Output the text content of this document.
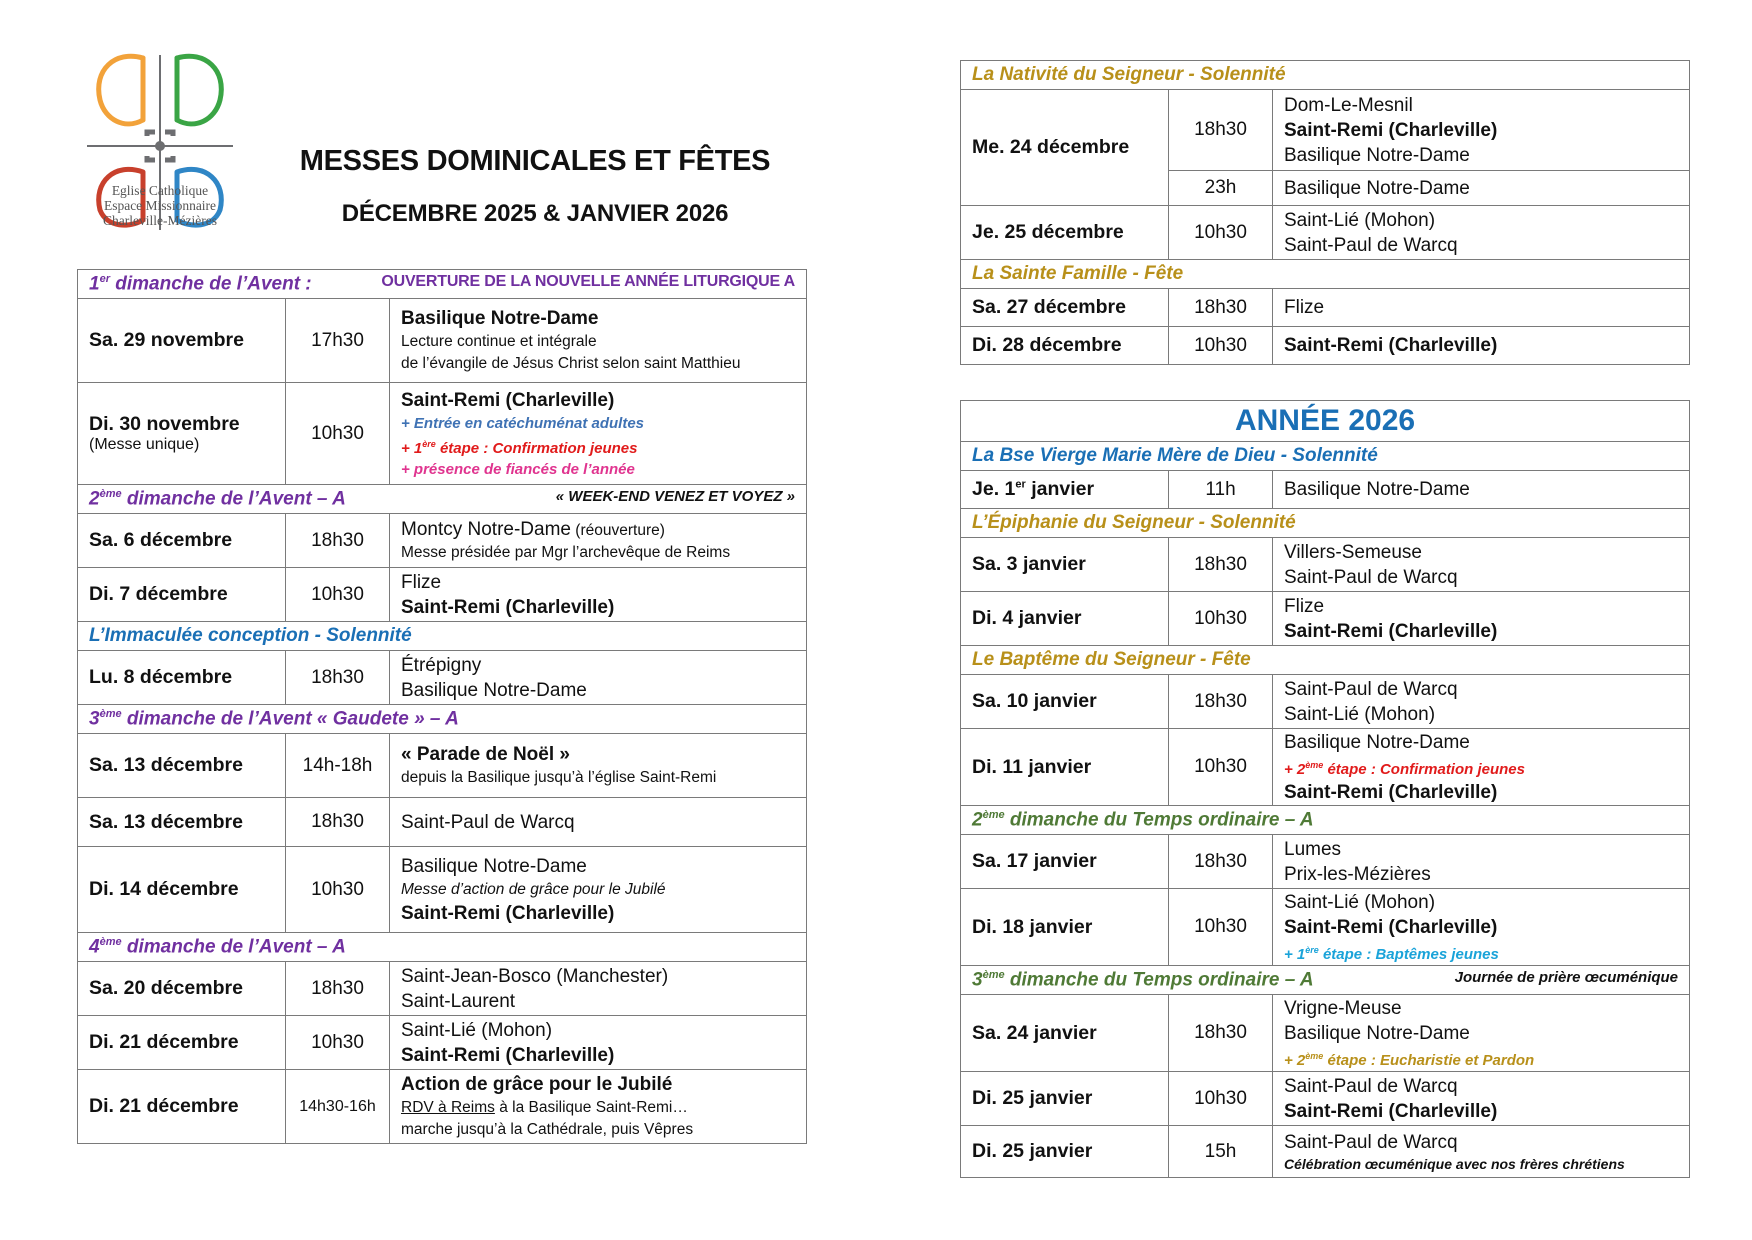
Eglise Catholique
Espace Missionnaire
Charleville-Mézières
MESSES DOMINICALES ET FÊTES
DÉCEMBRE 2025 & JANVIER 2026
1er dimanche de l’Avent : OUVERTURE DE LA NOUVELLE ANNÉE LITURGIQUE A		

Sa. 29 novembre	17h30	Basilique Notre-Dame
Lecture continue et intégrale
de l’évangile de Jésus Christ selon saint Matthieu

Di. 30 novembre
(Messe unique)	10h30	Saint-Remi (Charleville)
+ Entrée en catéchuménat adultes
+ 1ère étape : Confirmation jeunes
+ présence de fiancés de l’année

2ème dimanche de l’Avent – A « WEEK-END VENEZ ET VOYEZ »		

Sa. 6 décembre	18h30	Montcy Notre-Dame (réouverture)
Messe présidée par Mgr l’archevêque de Reims

Di. 7 décembre	10h30	Flize
Saint-Remi (Charleville)

L’Immaculée conception - Solennité		
Lu. 8 décembre	18h30	Étrépigny
Basilique Notre-Dame

3ème dimanche de l’Avent « Gaudete » – A		
Sa. 13 décembre	14h-18h	« Parade de Noël »
depuis la Basilique jusqu’à l’église Saint-Remi

Sa. 13 décembre	18h30	Saint-Paul de Warcq

Di. 14 décembre	10h30	Basilique Notre-Dame
Messe d’action de grâce pour le Jubilé
Saint-Remi (Charleville)

4ème dimanche de l’Avent – A		
Sa. 20 décembre	18h30	Saint-Jean-Bosco (Manchester)
Saint-Laurent

Di. 21 décembre	10h30	Saint-Lié (Mohon)
Saint-Remi (Charleville)

Di. 21 décembre	14h30-16h	Action de grâce pour le Jubilé
RDV à Reims à la Basilique Saint-Remi…
marche jusqu’à la Cathédrale, puis Vêpres
La Nativité du Seigneur - Solennité		
Me. 24 décembre	18h30	Dom-Le-Mesnil
Saint-Remi (Charleville)
Basilique Notre-Dame

	23h	Basilique Notre-Dame

Je. 25 décembre	10h30	Saint-Lié (Mohon)
Saint-Paul de Warcq

La Sainte Famille - Fête		
Sa. 27 décembre	18h30	Flize

Di. 28 décembre	10h30	Saint-Remi (Charleville)
ANNÉE 2026		
La Bse Vierge Marie Mère de Dieu - Solennité		
Je. 1er janvier	11h	Basilique Notre-Dame

L’Épiphanie du Seigneur - Solennité		
Sa. 3 janvier	18h30	Villers-Semeuse
Saint-Paul de Warcq

Di. 4 janvier	10h30	Flize
Saint-Remi (Charleville)

Le Baptême du Seigneur - Fête		
Sa. 10 janvier	18h30	Saint-Paul de Warcq
Saint-Lié (Mohon)

Di. 11 janvier	10h30	Basilique Notre-Dame
+ 2ème étape : Confirmation jeunes
Saint-Remi (Charleville)

2ème dimanche du Temps ordinaire – A		
Sa. 17 janvier	18h30	Lumes
Prix-les-Mézières

Di. 18 janvier	10h30	Saint-Lié (Mohon)
Saint-Remi (Charleville)
+ 1ère étape : Baptêmes jeunes

3ème dimanche du Temps ordinaire – A Journée de prière œcuménique		

Sa. 24 janvier	18h30	Vrigne-Meuse
Basilique Notre-Dame
+ 2ème étape : Eucharistie et Pardon

Di. 25 janvier	10h30	Saint-Paul de Warcq
Saint-Remi (Charleville)

Di. 25 janvier	15h	Saint-Paul de Warcq
Célébration œcuménique avec nos frères chrétiens
